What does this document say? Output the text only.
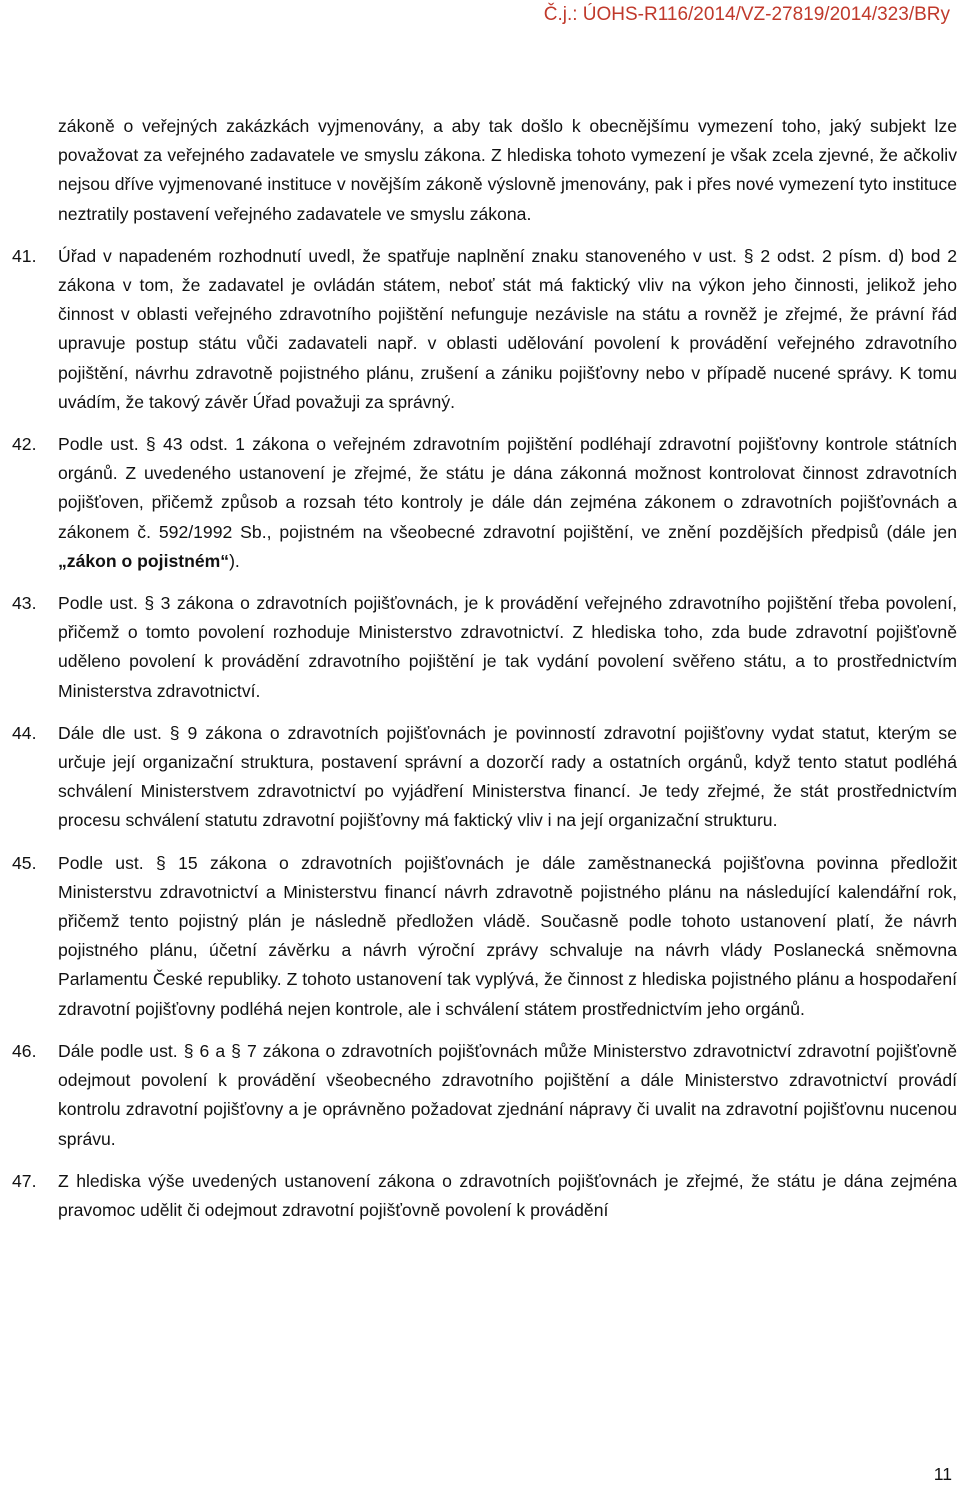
Č.j.: ÚOHS-R116/2014/VZ-27819/2014/323/BRy
zákoně o veřejných zakázkách vyjmenovány, a aby tak došlo k obecnějšímu vymezení toho, jaký subjekt lze považovat za veřejného zadavatele ve smyslu zákona. Z hlediska tohoto vymezení je však zcela zjevné, že ačkoliv nejsou dříve vyjmenované instituce v novějším zákoně výslovně jmenovány, pak i přes nové vymezení tyto instituce neztratily postavení veřejného zadavatele ve smyslu zákona.
41.	Úřad v napadeném rozhodnutí uvedl, že spatřuje naplnění znaku stanoveného v ust. § 2 odst. 2 písm. d) bod 2 zákona v tom, že zadavatel je ovládán státem, neboť stát má faktický vliv na výkon jeho činnosti, jelikož jeho činnost v oblasti veřejného zdravotního pojištění nefunguje nezávisle na státu a rovněž je zřejmé, že právní řád upravuje postup státu vůči zadavateli např. v oblasti udělování povolení k provádění veřejného zdravotního pojištění, návrhu zdravotně pojistného plánu, zrušení a zániku pojišťovny nebo v případě nucené správy. K tomu uvádím, že takový závěr Úřad považuji za správný.
42.	Podle ust. § 43 odst. 1 zákona o veřejném zdravotním pojištění podléhají zdravotní pojišťovny kontrole státních orgánů. Z uvedeného ustanovení je zřejmé, že státu je dána zákonná možnost kontrolovat činnost zdravotních pojišťoven, přičemž způsob a rozsah této kontroly je dále dán zejména zákonem o zdravotních pojišťovnách a zákonem č. 592/1992 Sb., pojistném na všeobecné zdravotní pojištění, ve znění pozdějších předpisů (dále jen „zákon o pojistném“).
43.	Podle ust. § 3 zákona o zdravotních pojišťovnách, je k provádění veřejného zdravotního pojištění třeba povolení, přičemž o tomto povolení rozhoduje Ministerstvo zdravotnictví. Z hlediska toho, zda bude zdravotní pojišťovně uděleno povolení k provádění zdravotního pojištění je tak vydání povolení svěřeno státu, a to prostřednictvím Ministerstva zdravotnictví.
44.	Dále dle ust. § 9 zákona o zdravotních pojišťovnách je povinností zdravotní pojišťovny vydat statut, kterým se určuje její organizační struktura, postavení správní a dozorčí rady a ostatních orgánů, když tento statut podléhá schválení Ministerstvem zdravotnictví po vyjádření Ministerstva financí. Je tedy zřejmé, že stát prostřednictvím procesu schválení statutu zdravotní pojišťovny má faktický vliv i na její organizační strukturu.
45.	Podle ust. § 15 zákona o zdravotních pojišťovnách je dále zaměstnanecká pojišťovna povinna předložit Ministerstvu zdravotnictví a Ministerstvu financí návrh zdravotně pojistného plánu na následující kalendářní rok, přičemž tento pojistný plán je následně předložen vládě. Současně podle tohoto ustanovení platí, že návrh pojistného plánu, účetní závěrku a návrh výroční zprávy schvaluje na návrh vlády Poslanecká sněmovna Parlamentu České republiky. Z tohoto ustanovení tak vyplývá, že činnost z hlediska pojistného plánu a hospodaření zdravotní pojišťovny podléhá nejen kontrole, ale i schválení státem prostřednictvím jeho orgánů.
46.	Dále podle ust. § 6 a § 7 zákona o zdravotních pojišťovnách může Ministerstvo zdravotnictví zdravotní pojišťovně odejmout povolení k provádění všeobecného zdravotního pojištění a dále Ministerstvo zdravotnictví provádí kontrolu zdravotní pojišťovny a je oprávněno požadovat zjednání nápravy či uvalit na zdravotní pojišťovnu nucenou správu.
47.	Z hlediska výše uvedených ustanovení zákona o zdravotních pojišťovnách je zřejmé, že státu je dána zejména pravomoc udělit či odejmout zdravotní pojišťovně povolení k provádění
11
